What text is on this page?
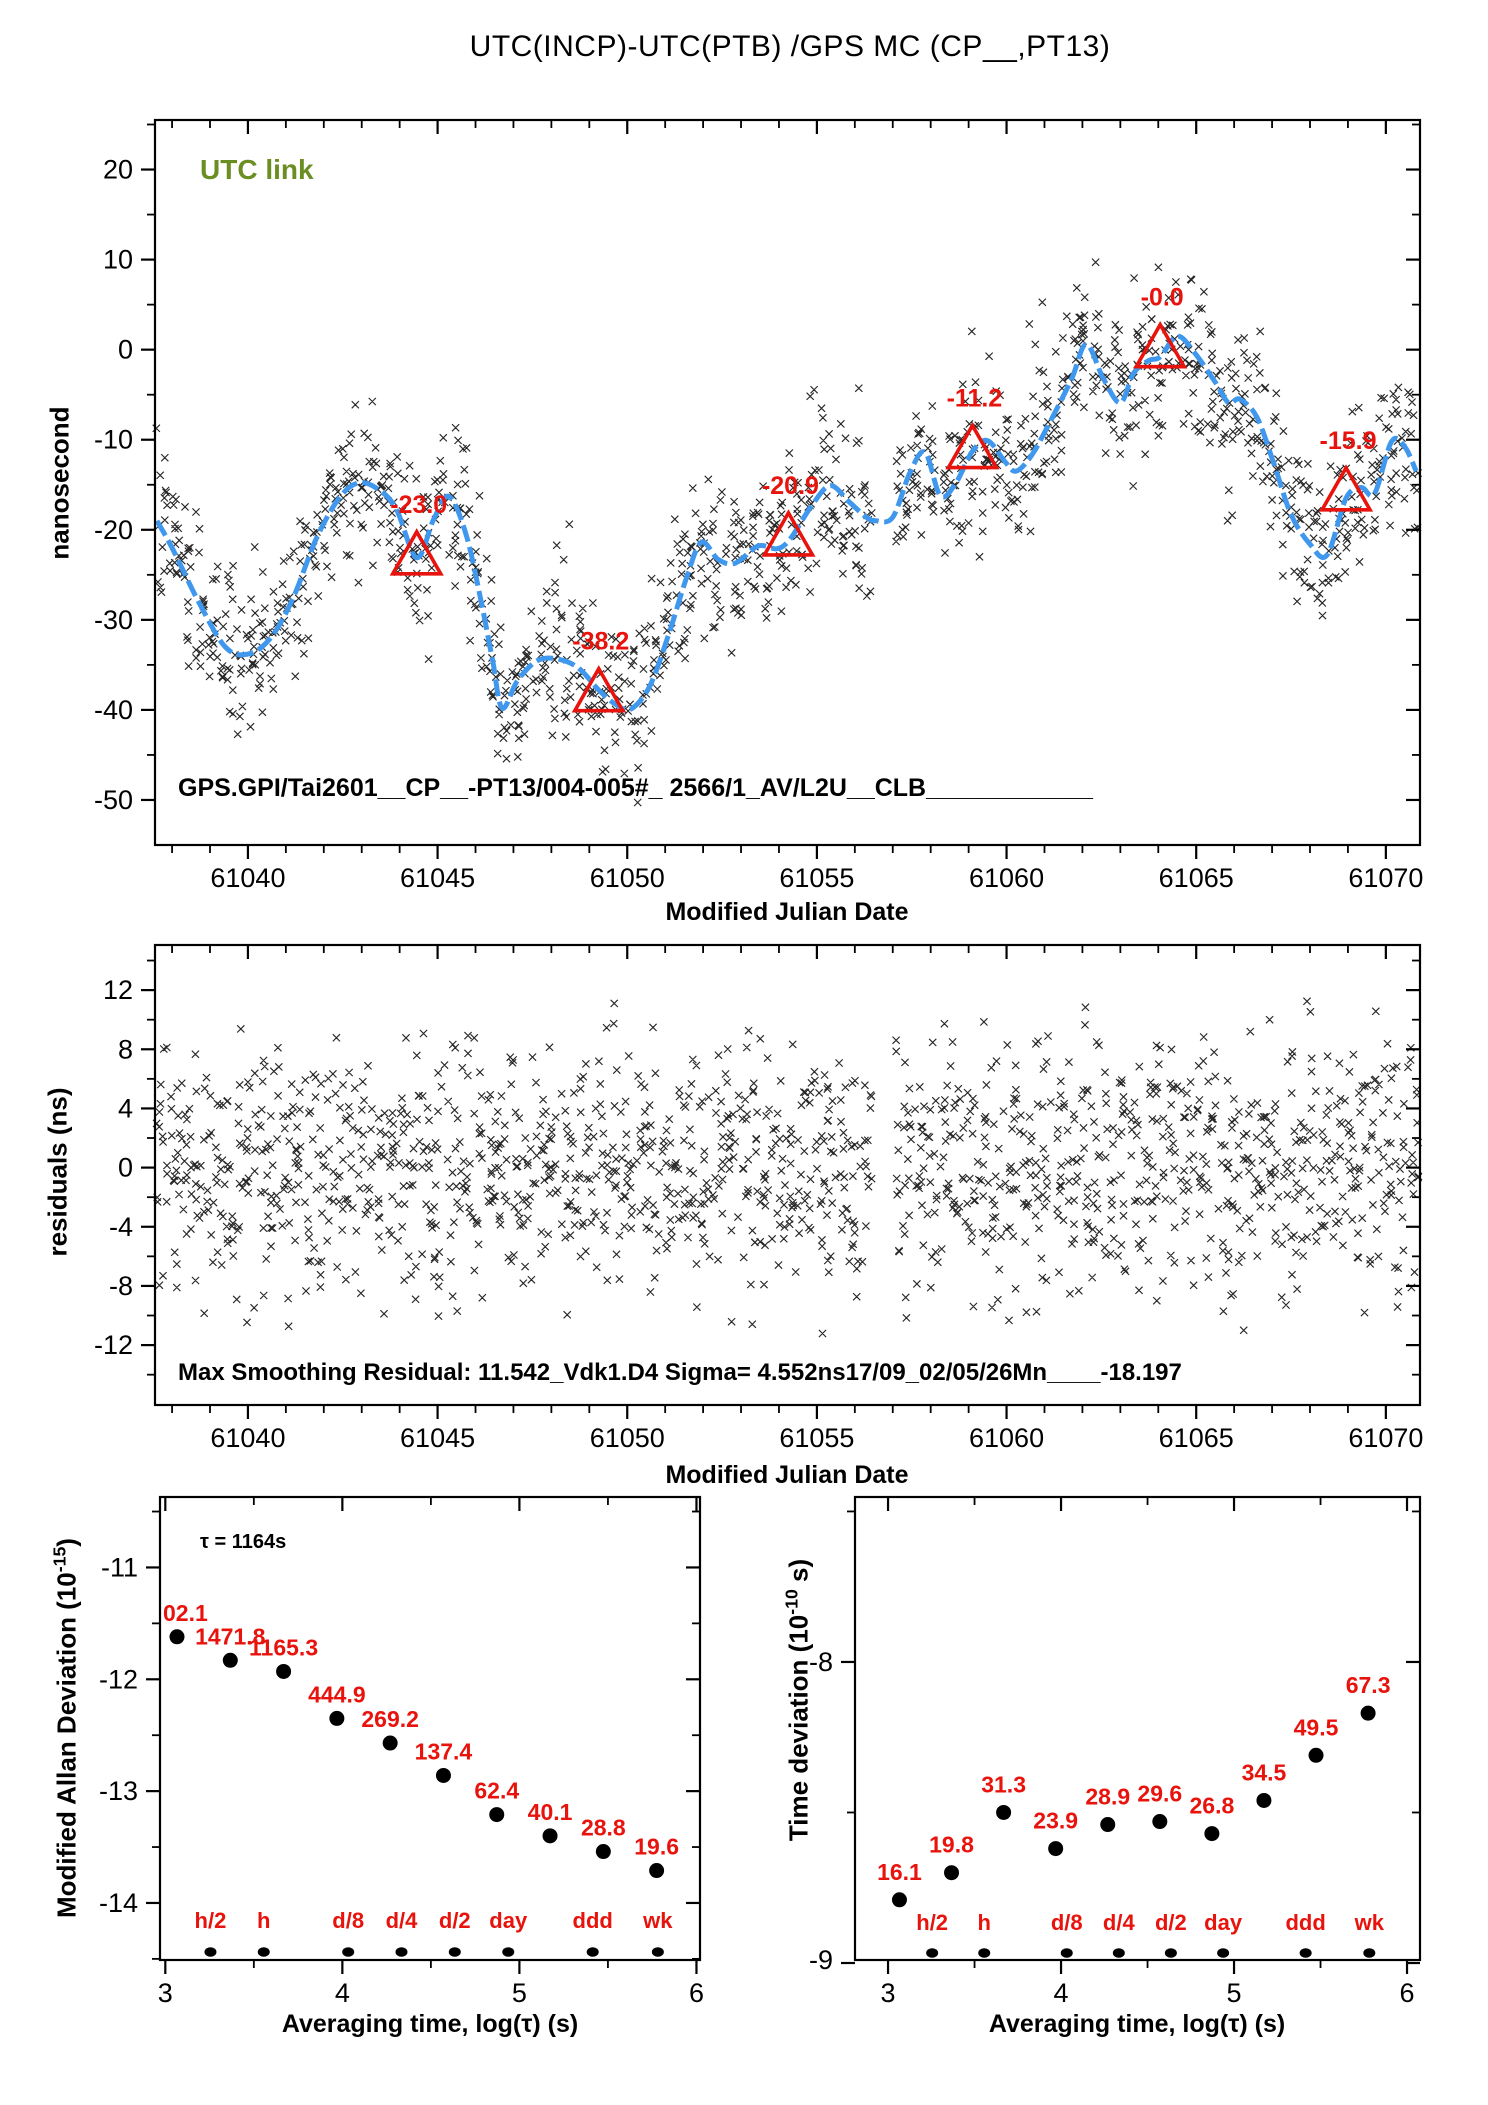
-23.0
-38.2
-20.9
-11.2
-0.0
-15.9
61040	61045	61050	61055	61060	61065	61070
20
10
0
-10
-20
-30
-40
-50
61040	61045	61050	61055	61060	61065	61070
12
8
4
0
-4
-8
-12
3	4	5	6
-11
-12
-13
-14
h/2 h	d/8 d/4 d/2 day ddd wk
02.1
1471.8
1165.3
444.9
269.2
137.4
62.4
40.1
28.8
19.6
3	4	5	6
-8
-9
h/2 h	d/8 d/4 d/2 day ddd wk
16.1
19.8
31.3
23.9
28.9 29.6 26.8
34.5
49.5
67.3
UTC(INCP)-UTC(PTB) /GPS MC (CP__,PT13)
UTC link
GPS.GPI/Tai2601__CP__-PT13/004-005#_ 2566/1_AV/L2U__CLB____________
nanosecond
Modified Julian Date
Max Smoothing Residual: 11.542_Vdk1.D4 Sigma= 4.552ns17/09_02/05/26Mn____-18.197
residuals (ns)
Modified Julian Date
τ = 1164s
Modified Allan Deviation $(10^{-15})$
Averaging time, log(τ) (s)
Time deviation ($10^{-10}$ s)
Averaging time, log(τ) (s)
